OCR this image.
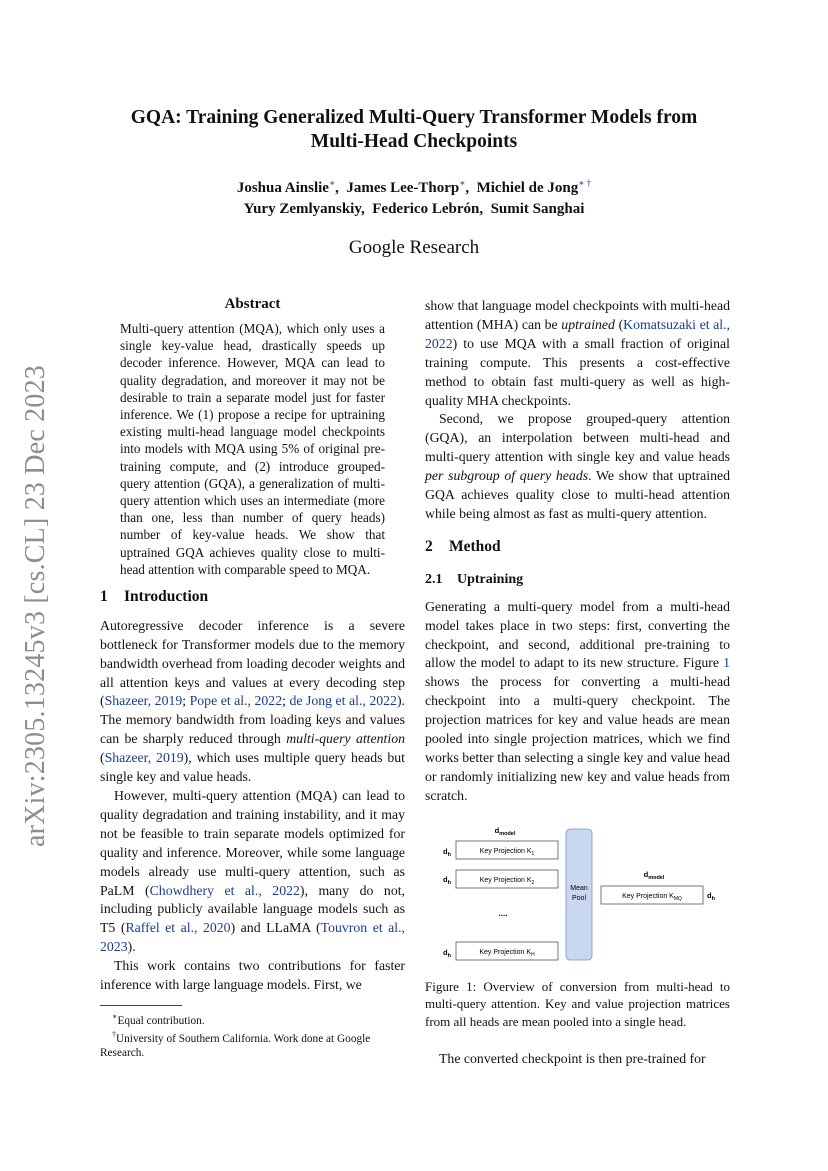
arXiv:2305.13245v3 [cs.CL] 23 Dec 2023
GQA: Training Generalized Multi-Query Transformer Models from
Multi-Head Checkpoints
Joshua Ainslie∗,  James Lee-Thorp∗,  Michiel de Jong∗ †
Yury Zemlyanskiy,  Federico Lebrón,  Sumit Sanghai
Google Research
Abstract

Multi-query attention (MQA), which only uses a single key-value head, drastically speeds up decoder inference. However, MQA can lead to quality degradation, and moreover it may not be desirable to train a separate model just for faster inference. We (1) propose a recipe for uptraining existing multi-head language model checkpoints into models with MQA using 5% of original pre-training compute, and (2) introduce grouped-query attention (GQA), a generalization of multi-query attention which uses an intermediate (more than one, less than number of query heads) number of key-value heads. We show that uptrained GQA achieves quality close to multi-head attention with comparable speed to MQA.

1 Introduction

Autoregressive decoder inference is a severe bottleneck for Transformer models due to the memory bandwidth overhead from loading decoder weights and all attention keys and values at every decoding step (Shazeer, 2019; Pope et al., 2022; de Jong et al., 2022). The memory bandwidth from loading keys and values can be sharply reduced through multi-query attention (Shazeer, 2019), which uses multiple query heads but single key and value heads.

However, multi-query attention (MQA) can lead to quality degradation and training instability, and it may not be feasible to train separate models optimized for quality and inference. Moreover, while some language models already use multi-query attention, such as PaLM (Chowdhery et al., 2022), many do not, including publicly available language models such as T5 (Raffel et al., 2020) and LLaMA (Touvron et al., 2023).

This work contains two contributions for faster inference with large language models. First, we

∗Equal contribution.
†University of Southern California. Work done at Google Research.

show that language model checkpoints with multi-head attention (MHA) can be uptrained (Komatsuzaki et al., 2022) to use MQA with a small fraction of original training compute. This presents a cost-effective method to obtain fast multi-query as well as high-quality MHA checkpoints.

Second, we propose grouped-query attention (GQA), an interpolation between multi-head and multi-query attention with single key and value heads per subgroup of query heads. We show that uptrained GQA achieves quality close to multi-head attention while being almost as fast as multi-query attention.

2 Method
2.1 Uptraining

Generating a multi-query model from a multi-head model takes place in two steps: first, converting the checkpoint, and second, additional pre-training to allow the model to adapt to its new structure. Figure 1 shows the process for converting a multi-head checkpoint into a multi-query checkpoint. The projection matrices for key and value heads are mean pooled into single projection matrices, which we find works better than selecting a single key and value head or randomly initializing new key and value heads from scratch.

$d_{model}$
$d_h$	Key Projection $K_1$
$d_h$	Key Projection $K_2$
....
$d_h$	Key Projection $K_H$
Mean
Pool
$d_{model}$
Key Projection $K_{MQ}$	$d_h$

Figure 1: Overview of conversion from multi-head to multi-query attention. Key and value projection matrices from all heads are mean pooled into a single head.

The converted checkpoint is then pre-trained for
